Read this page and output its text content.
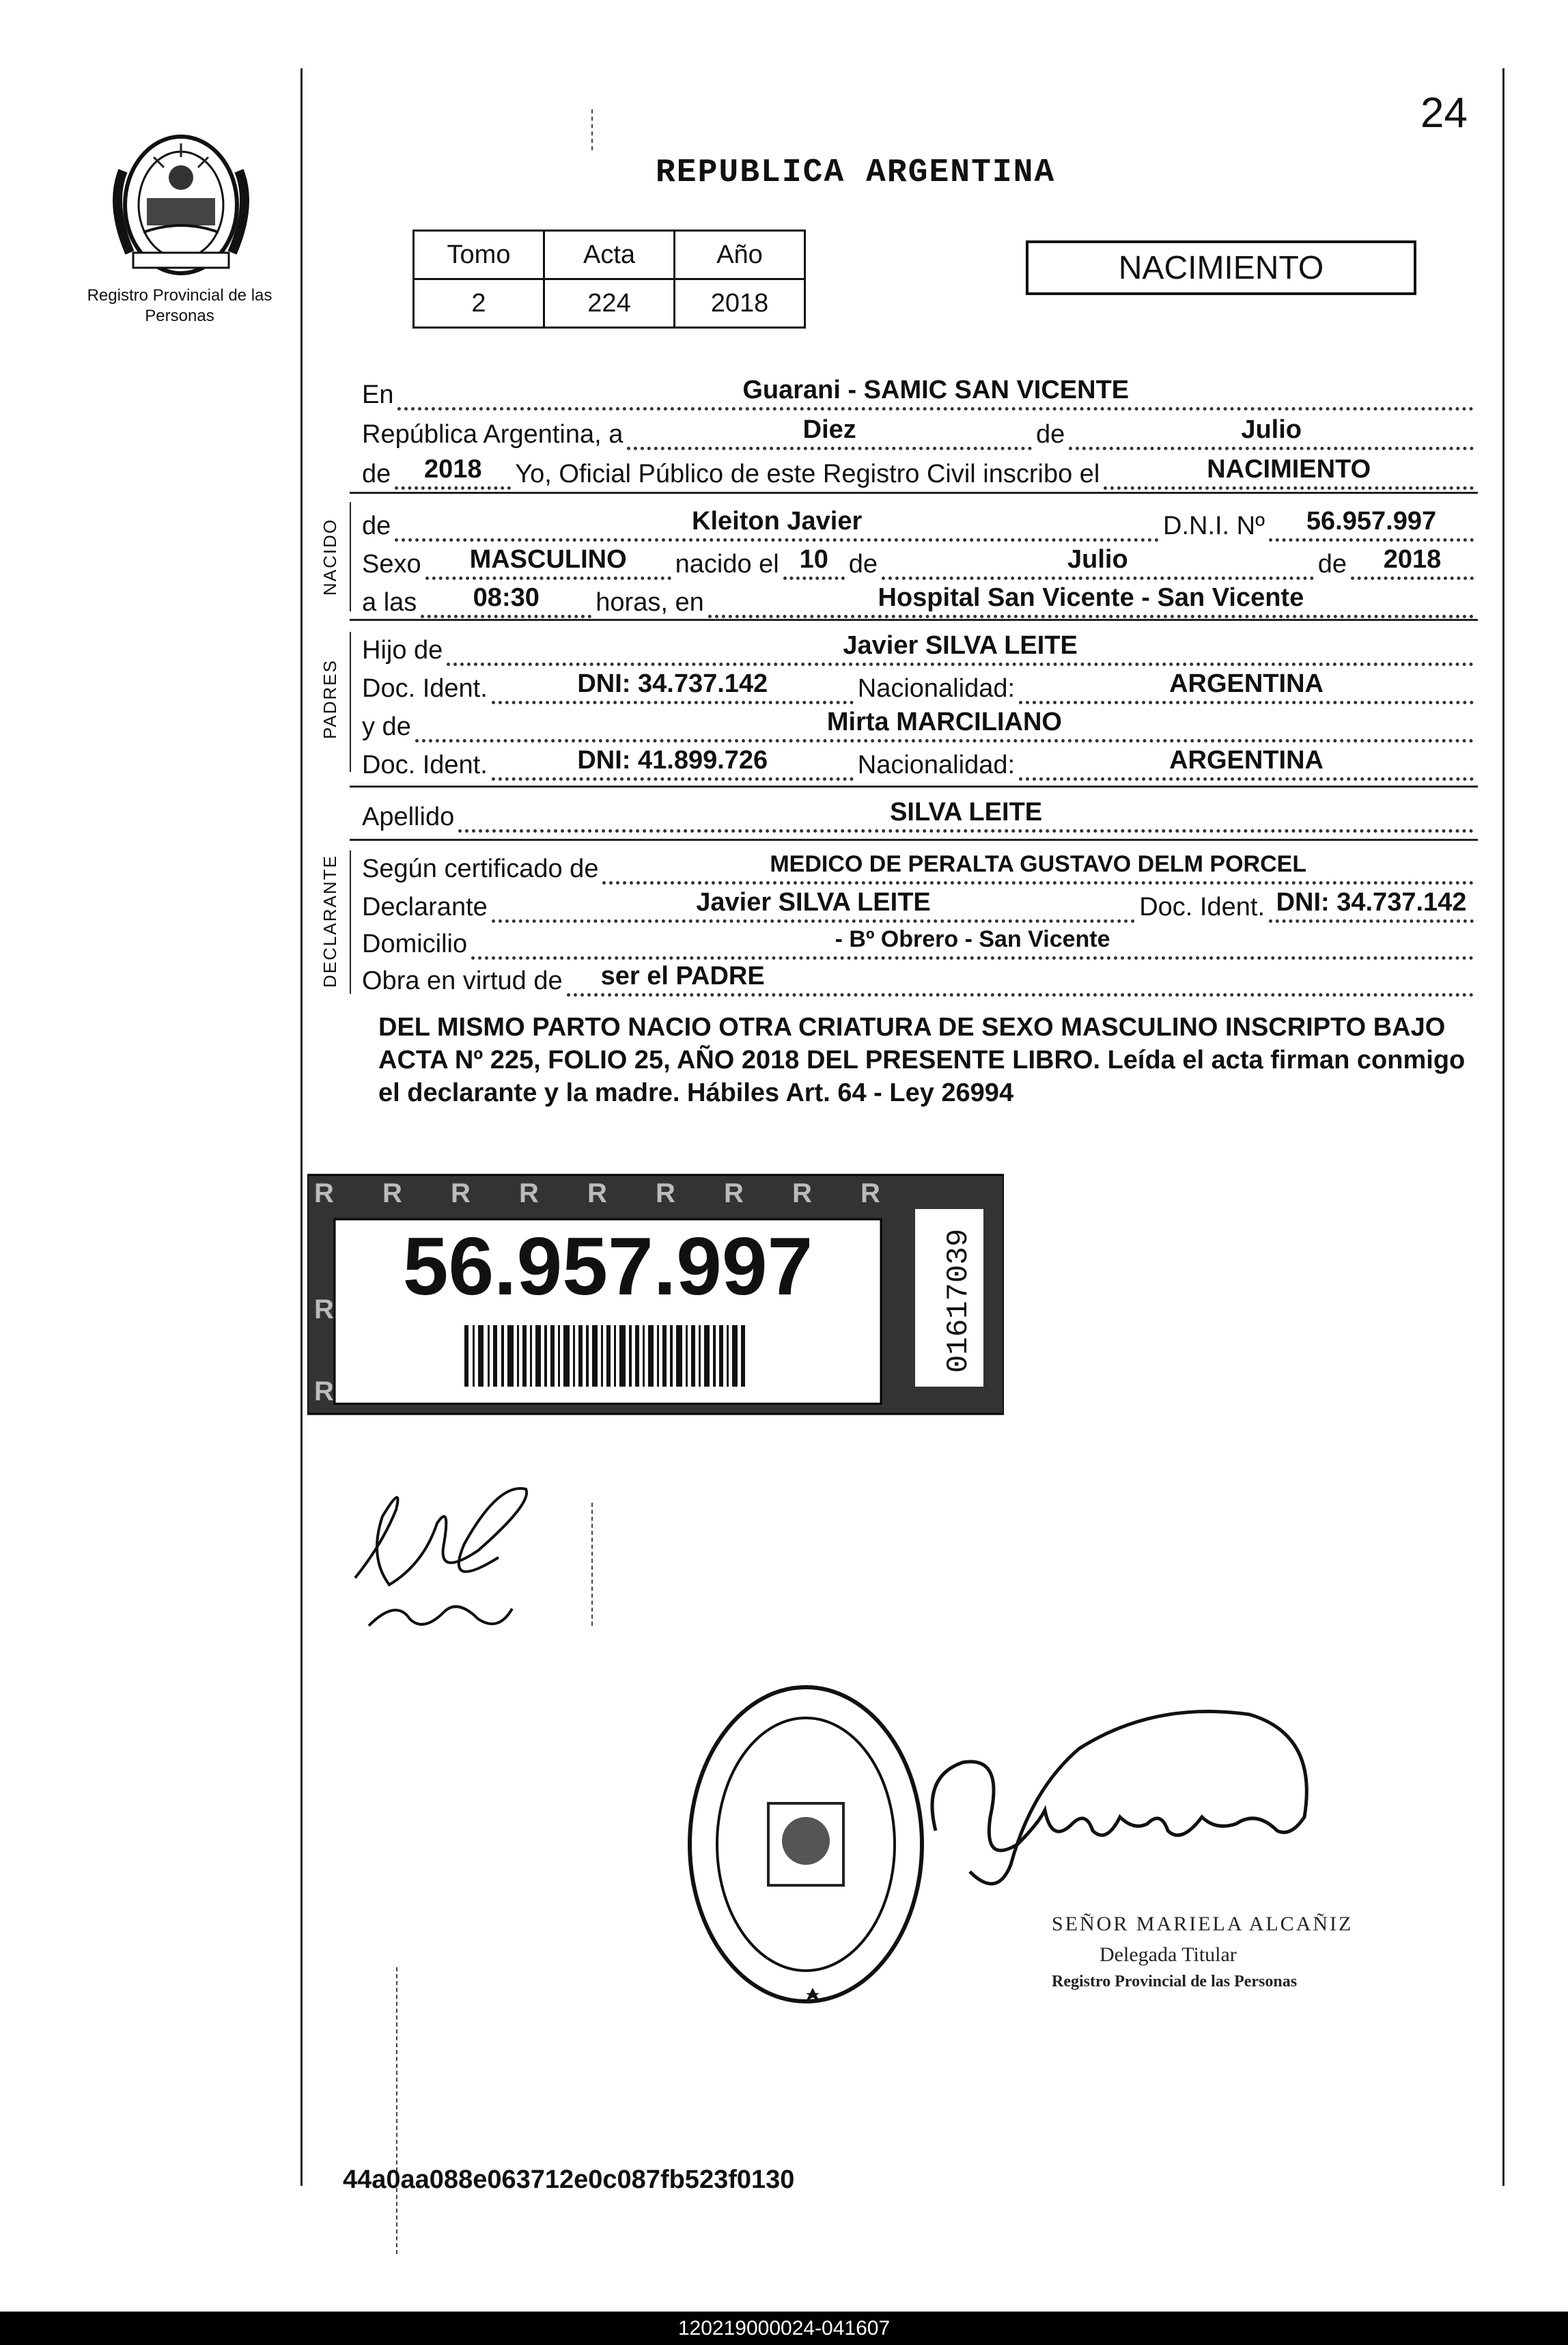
Registro Provincial de las Personas
24
REPUBLICA ARGENTINA
Tomo	Acta	Año
2	224	2018
NACIMIENTO
En	Guarani - SAMIC SAN VICENTE
República Argentina, a	Diez	de	Julio
de	2018	Yo, Oficial Público de este Registro Civil inscribo el	NACIMIENTO
NACIDO de	Kleiton Javier	D.N.I. Nº	56.957.997
Sexo	MASCULINO	nacido el 10 de	Julio	de	2018
a las	08:30	horas, en	Hospital San Vicente - San Vicente
PADRES
Hijo de	Javier SILVA LEITE
Doc. Ident.	DNI: 34.737.142	Nacionalidad:	ARGENTINA
y de	Mirta MARCILIANO
Doc. Ident.	DNI: 41.899.726	Nacionalidad:	ARGENTINA
Apellido	SILVA LEITE
DECLARANTE Según certificado de	MEDICO DE PERALTA GUSTAVO DELM PORCEL
Declarante	Javier SILVA LEITE	Doc. Ident. DNI: 34.737.142
Domicilio	- Bº Obrero - San Vicente
Obra en virtud de	ser el PADRE
DEL MISMO PARTO NACIO OTRA CRIATURA DE SEXO MASCULINO INSCRIPTO BAJO ACTA Nº 225, FOLIO 25, AÑO 2018 DEL PRESENTE LIBRO. Leída el acta firman conmigo el declarante y la madre. Hábiles Art. 64 - Ley 26994
R R R R R R R R R
R
R
56.957.997	01617039
SEÑOR MARIELA ALCAÑIZ
Delegada Titular
Registro Provincial de las Personas
44a0aa088e063712e0c087fb523f0130
120219000024-041607
